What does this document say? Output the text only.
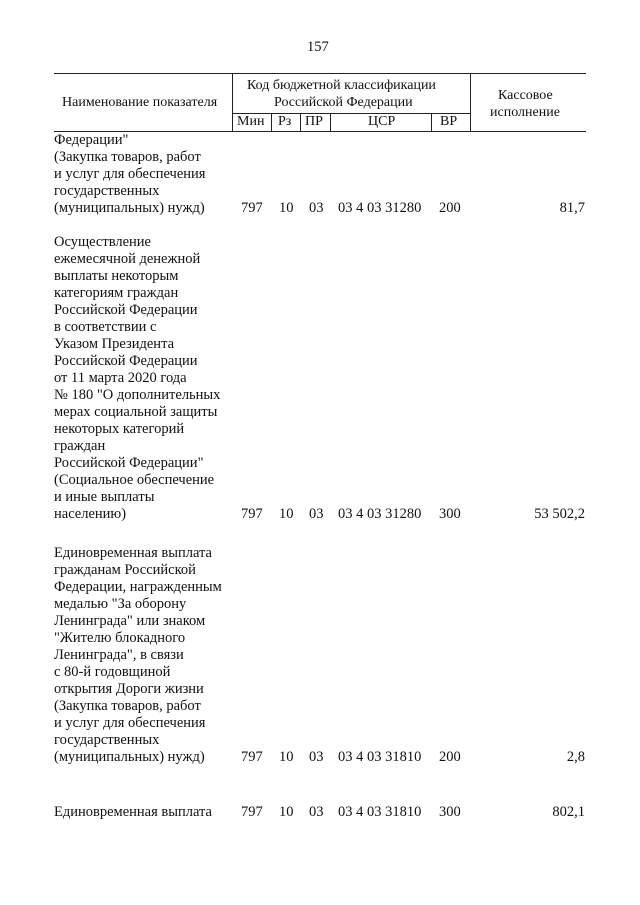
157
Наименование показателя
Код бюджетной классификации
Российской Федерации
Мин Рз ПР	ЦСР	ВР
Кассовое
исполнение
Федерации"
(Закупка товаров, работ
и услуг для обеспечения
государственных
(муниципальных) нужд)	797 10 03 03 4 03 31280 200	81,7
Осуществление
ежемесячной денежной
выплаты некоторым
категориям граждан
Российской Федерации
в соответствии с
Указом Президента
Российской Федерации
от 11 марта 2020 года
№ 180 "О дополнительных
мерах социальной защиты
некоторых категорий
граждан
Российской Федерации"
(Социальное обеспечение
и иные выплаты
населению)	797 10 03 03 4 03 31280 300	53 502,2
Единовременная выплата
гражданам Российской
Федерации, награжденным
медалью "За оборону
Ленинграда" или знаком
"Жителю блокадного
Ленинграда", в связи
с 80-й годовщиной
открытия Дороги жизни
(Закупка товаров, работ
и услуг для обеспечения
государственных
(муниципальных) нужд)	797 10 03 03 4 03 31810 200	2,8
Единовременная выплата 797 10 03 03 4 03 31810 300	802,1
